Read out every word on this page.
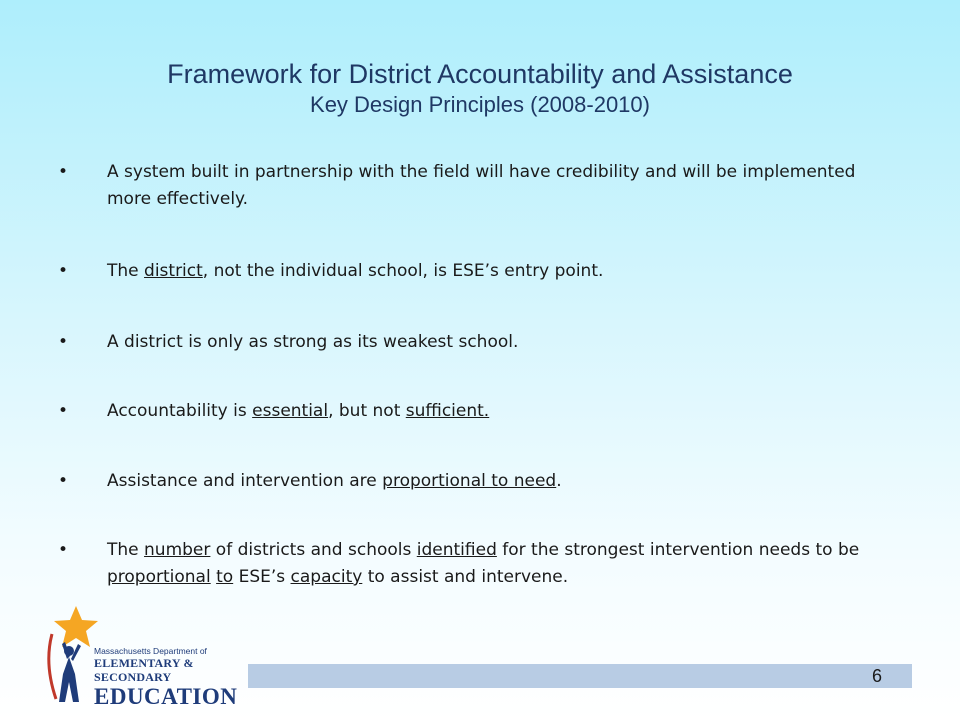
Framework for District Accountability and Assistance
Key Design Principles (2008-2010)
•	A system built in partnership with the field will have credibility and will be implemented more effectively.
•	The district, not the individual school, is ESE’s entry point.
•	A district is only as strong as its weakest school.
•	Accountability is essential, but not sufficient.
•	Assistance and intervention are proportional to need.
•	The number of districts and schools identified for the strongest intervention needs to be proportional to ESE’s capacity to assist and intervene.
6
Massachusetts Department of
ELEMENTARY & SECONDARY
EDUCATION
